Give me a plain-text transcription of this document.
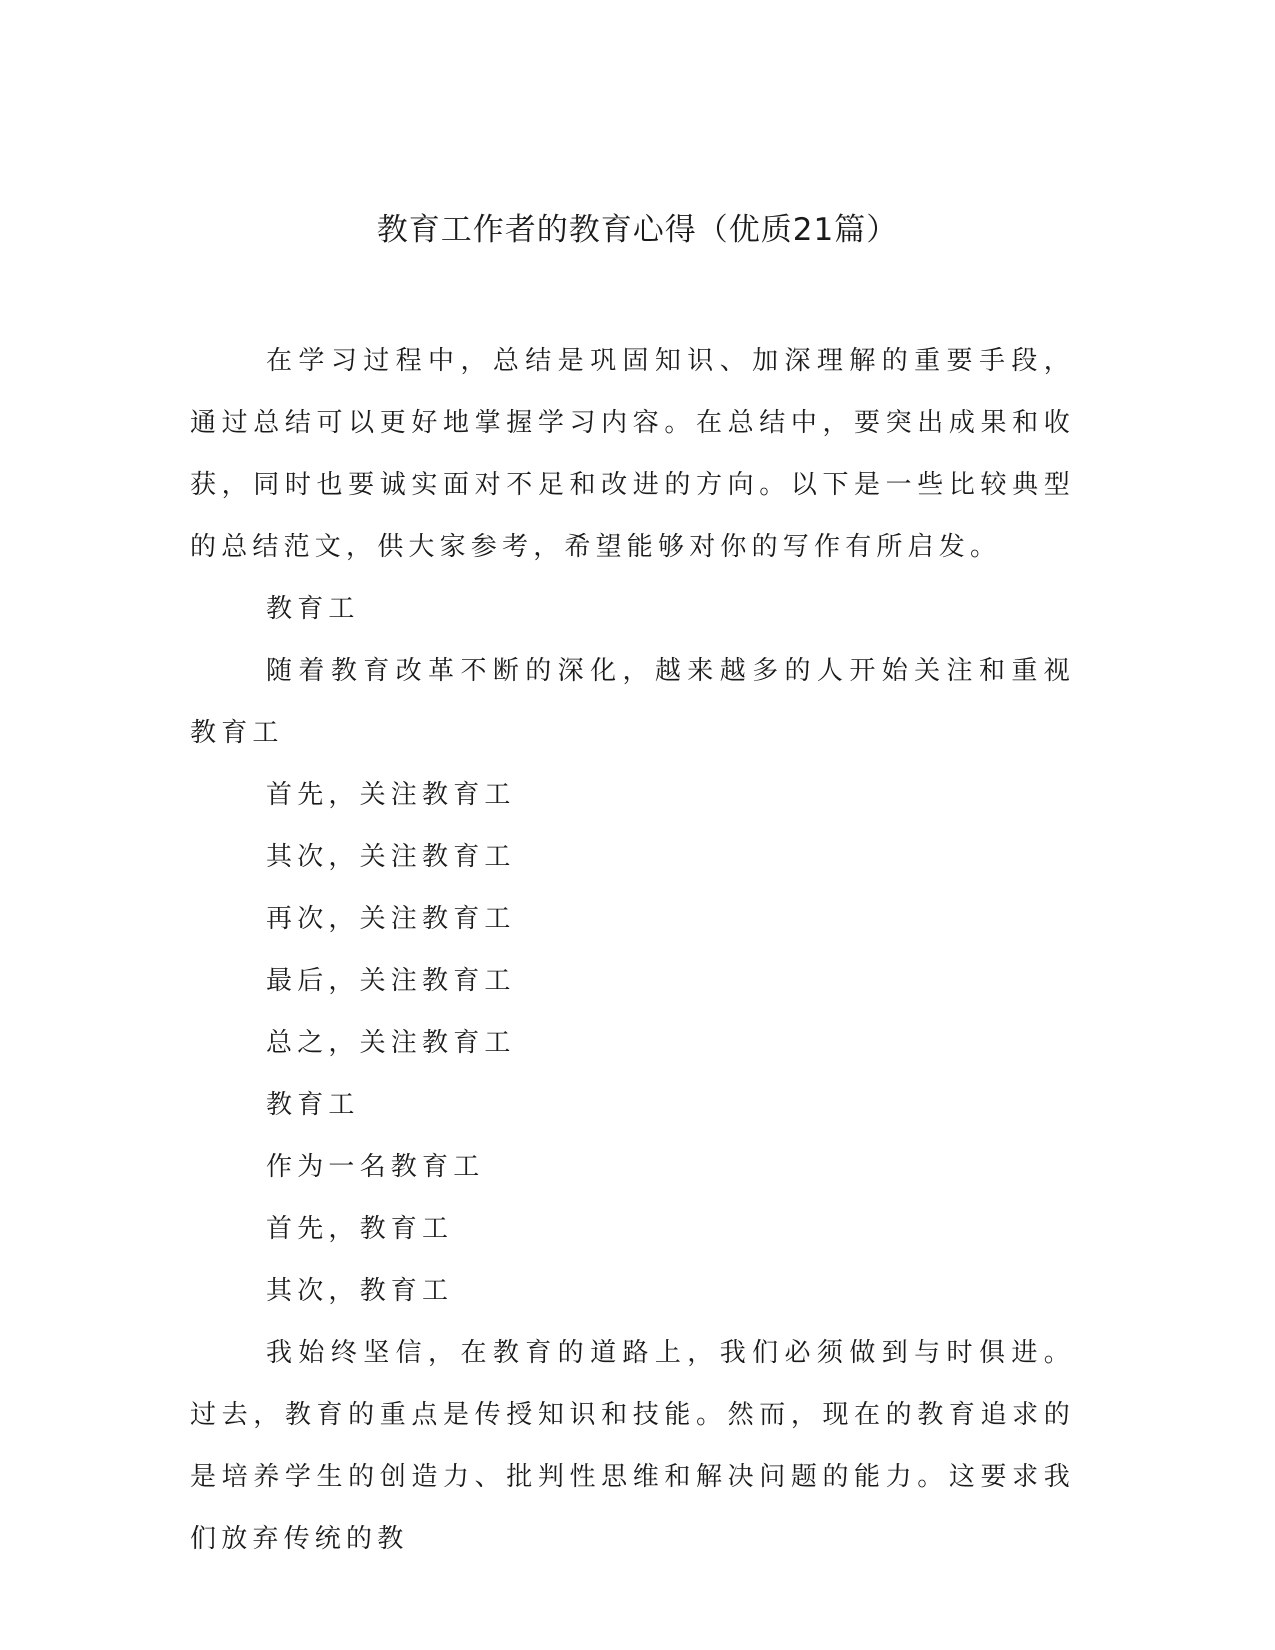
教育工作者的教育心得（优质21篇）

在学习过程中，总结是巩固知识、加深理解的重要手段，通过总结可以更好地掌握学习内容。在总结中，要突出成果和收获，同时也要诚实面对不足和改进的方向。以下是一些比较典型的总结范文，供大家参考，希望能够对你的写作有所启发。

教育工

随着教育改革不断的深化，越来越多的人开始关注和重视教育工

首先，关注教育工

其次，关注教育工

再次，关注教育工

最后，关注教育工

总之，关注教育工

教育工

作为一名教育工

首先，教育工

其次，教育工

我始终坚信，在教育的道路上，我们必须做到与时俱进。过去，教育的重点是传授知识和技能。然而，现在的教育追求的是培养学生的创造力、批判性思维和解决问题的能力。这要求我们放弃传统的教
